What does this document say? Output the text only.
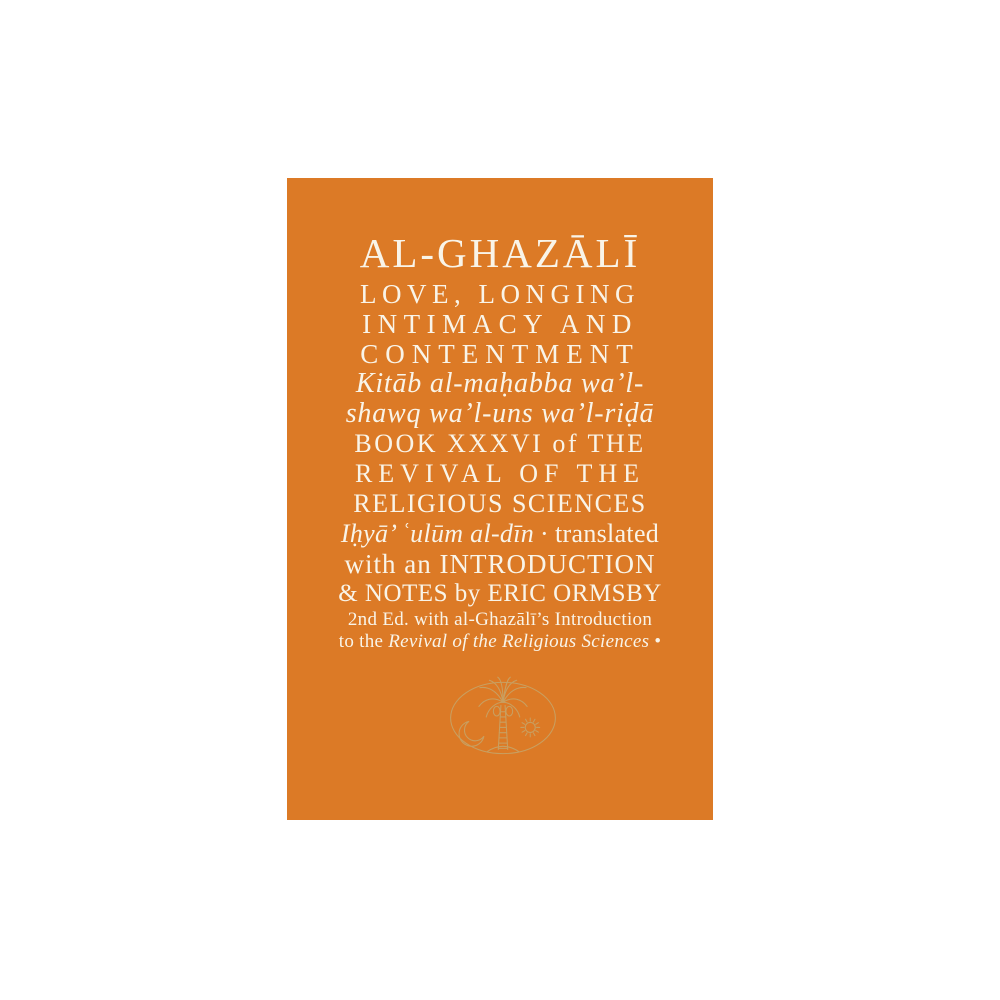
AL-GHAZĀLĪ
LOVE, LONGING
INTIMACY AND
CONTENTMENT
Kitāb al-maḥabba wa’l-
shawq wa’l-uns wa’l-riḍā
BOOK XXXVI of THE
REVIVAL OF THE
RELIGIOUS SCIENCES
Iḥyā’ ʿulūm al-dīn · translated
with an INTRODUCTION
& NOTES by ERIC ORMSBY
2nd Ed. with al-Ghazālī’s Introduction
to the Revival of the Religious Sciences •
